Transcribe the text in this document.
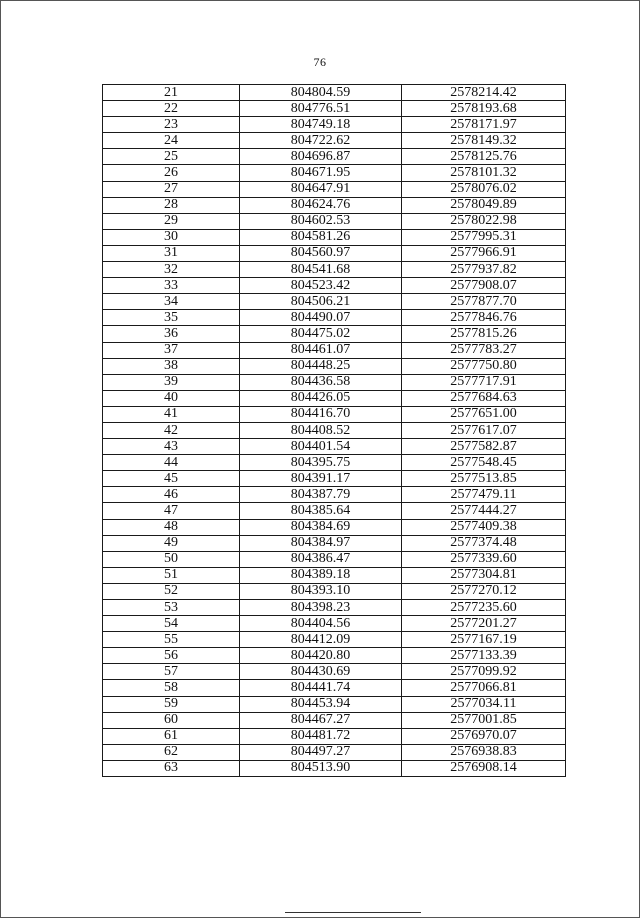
76
21	804804.59	2578214.42
22	804776.51	2578193.68
23	804749.18	2578171.97
24	804722.62	2578149.32
25	804696.87	2578125.76
26	804671.95	2578101.32
27	804647.91	2578076.02
28	804624.76	2578049.89
29	804602.53	2578022.98
30	804581.26	2577995.31
31	804560.97	2577966.91
32	804541.68	2577937.82
33	804523.42	2577908.07
34	804506.21	2577877.70
35	804490.07	2577846.76
36	804475.02	2577815.26
37	804461.07	2577783.27
38	804448.25	2577750.80
39	804436.58	2577717.91
40	804426.05	2577684.63
41	804416.70	2577651.00
42	804408.52	2577617.07
43	804401.54	2577582.87
44	804395.75	2577548.45
45	804391.17	2577513.85
46	804387.79	2577479.11
47	804385.64	2577444.27
48	804384.69	2577409.38
49	804384.97	2577374.48
50	804386.47	2577339.60
51	804389.18	2577304.81
52	804393.10	2577270.12
53	804398.23	2577235.60
54	804404.56	2577201.27
55	804412.09	2577167.19
56	804420.80	2577133.39
57	804430.69	2577099.92
58	804441.74	2577066.81
59	804453.94	2577034.11
60	804467.27	2577001.85
61	804481.72	2576970.07
62	804497.27	2576938.83
63	804513.90	2576908.14
